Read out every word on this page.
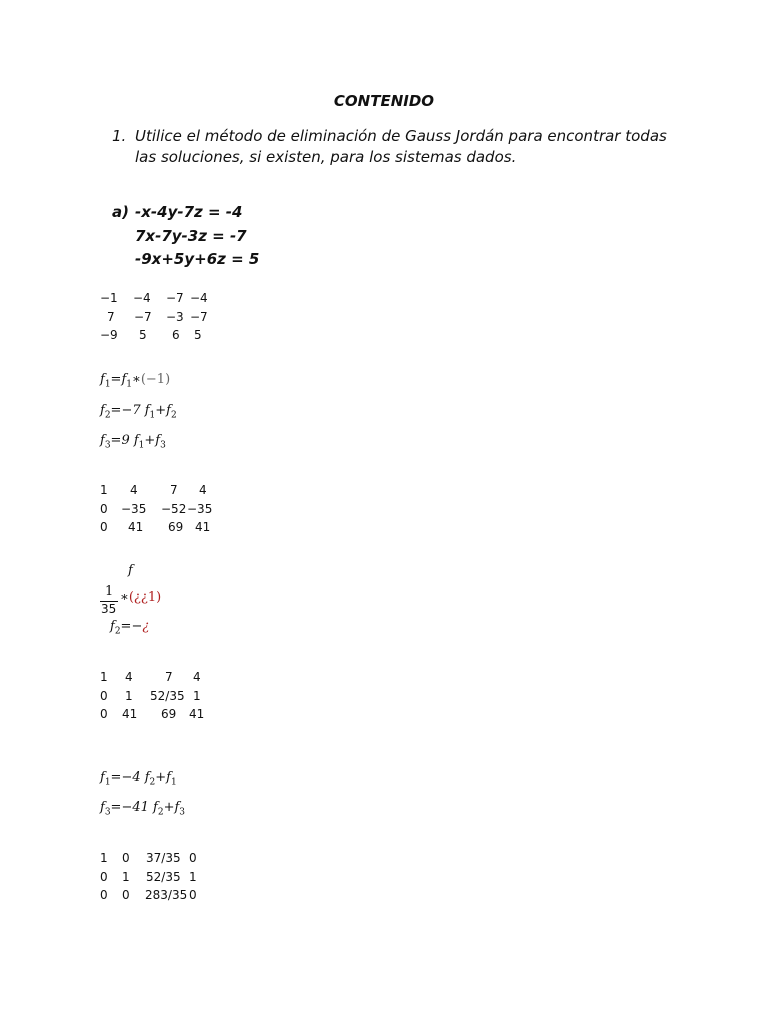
CONTENIDO
1. Utilice el método de eliminación de Gauss Jordán para encontrar todas las soluciones, si existen, para los sistemas dados.
a) -x-4y-7z = -4
7x-7y-3z = -7
-9x+5y+6z = 5
−1 −4 −7 −4
7 −7 −3 −7
−9 5 6 5
$f_1=f_1∗(-1)$
$f_2=-7$ $f_1+f_2$
$f_3=9$ $f_1+f_3$
1 4	7 4
0 −35 −52 −35
0 41 69 41
f
1
35
∗(¿¿1)
$f_2=-¿$
1 4	7 4
0 1 52/35 1
0 41 69 41
$f_1=-4$ $f_2+f_1$
$f_3=-41$ $f_2+f_3$
1 0 37/35 0
0 1 52/35 1
0 0 283/35 0
